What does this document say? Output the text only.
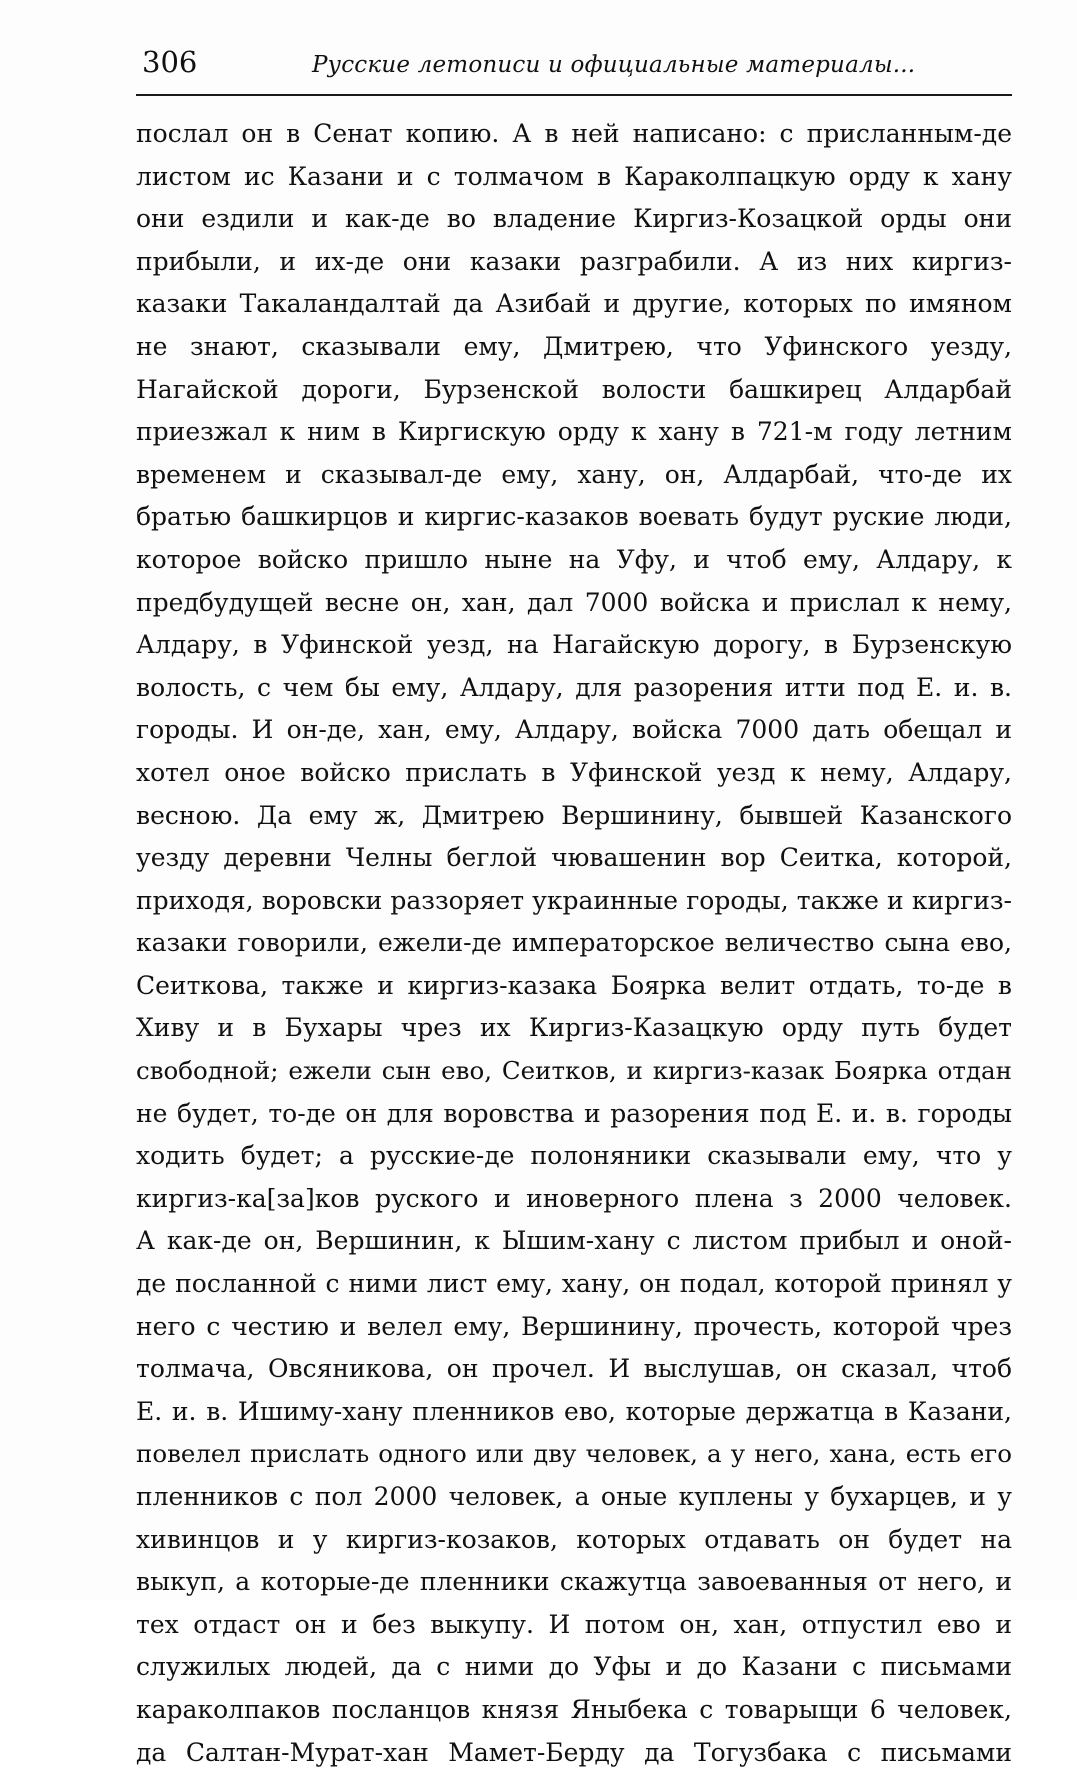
306	Русские летописи и официальные материалы...
послал он в Сенат копию. А в ней написано: с присланным-де
листом ис Казани и с толмачом в Караколпацкую орду к хану
они ездили и как-де во владение Киргиз-Козацкой орды они
прибыли, и их-де они казаки разграбили. А из них киргиз-
казаки Такаландалтай да Азибай и другие, которых по имяном
не знают, сказывали ему, Дмитрею, что Уфинского уезду,
Нагайской дороги, Бурзенской волости башкирец Алдарбай
приезжал к ним в Киргискую орду к хану в 721-м году летним
временем и сказывал-де ему, хану, он, Алдарбай, что-де их
братью башкирцов и киргис-казаков воевать будут руские люди,
которое войско пришло ныне на Уфу, и чтоб ему, Алдару, к
предбудущей весне он, хан, дал 7000 войска и прислал к нему,
Алдару, в Уфинской уезд, на Нагайскую дорогу, в Бурзенскую
волость, с чем бы ему, Алдару, для разорения итти под Е. и. в.
городы. И он-де, хан, ему, Алдару, войска 7000 дать обещал и
хотел оное войско прислать в Уфинской уезд к нему, Алдару,
весною. Да ему ж, Дмитрею Вершинину, бывшей Казанского
уезду деревни Челны беглой чювашенин вор Сеитка, которой,
приходя, воровски раззоряет украинные городы, также и киргиз-
казаки говорили, ежели-де императорское величество сына ево,
Сеиткова, также и киргиз-казака Боярка велит отдать, то-де в
Хиву и в Бухары чрез их Киргиз-Казацкую орду путь будет
свободной; ежели сын ево, Сеитков, и киргиз-казак Боярка отдан
не будет, то-де он для воровства и разорения под Е. и. в. городы
ходить будет; а русские-де полоняники сказывали ему, что у
киргиз-ка[за]ков руского и иноверного плена з 2000 человек.
А как-де он, Вершинин, к Ышим-хану с листом прибыл и оной-
де посланной с ними лист ему, хану, он подал, которой принял у
него с честию и велел ему, Вершинину, прочесть, которой чрез
толмача, Овсяникова, он прочел. И выслушав, он сказал, чтоб
Е. и. в. Ишиму-хану пленников ево, которые держатца в Казани,
повелел прислать одного или дву человек, а у него, хана, есть его
пленников с пол 2000 человек, а оные куплены у бухарцев, и у
хивинцов и у киргиз-козаков, которых отдавать он будет на
выкуп, а которые-де пленники скажутца завоеванныя от него, и
тех отдаст он и без выкупу. И потом он, хан, отпустил ево и
служилых людей, да с ними до Уфы и до Казани с письмами
караколпаков посланцов князя Яныбека с товарыщи 6 человек,
да Салтан-Мурат-хан Мамет-Берду да Тогузбака с письмами
